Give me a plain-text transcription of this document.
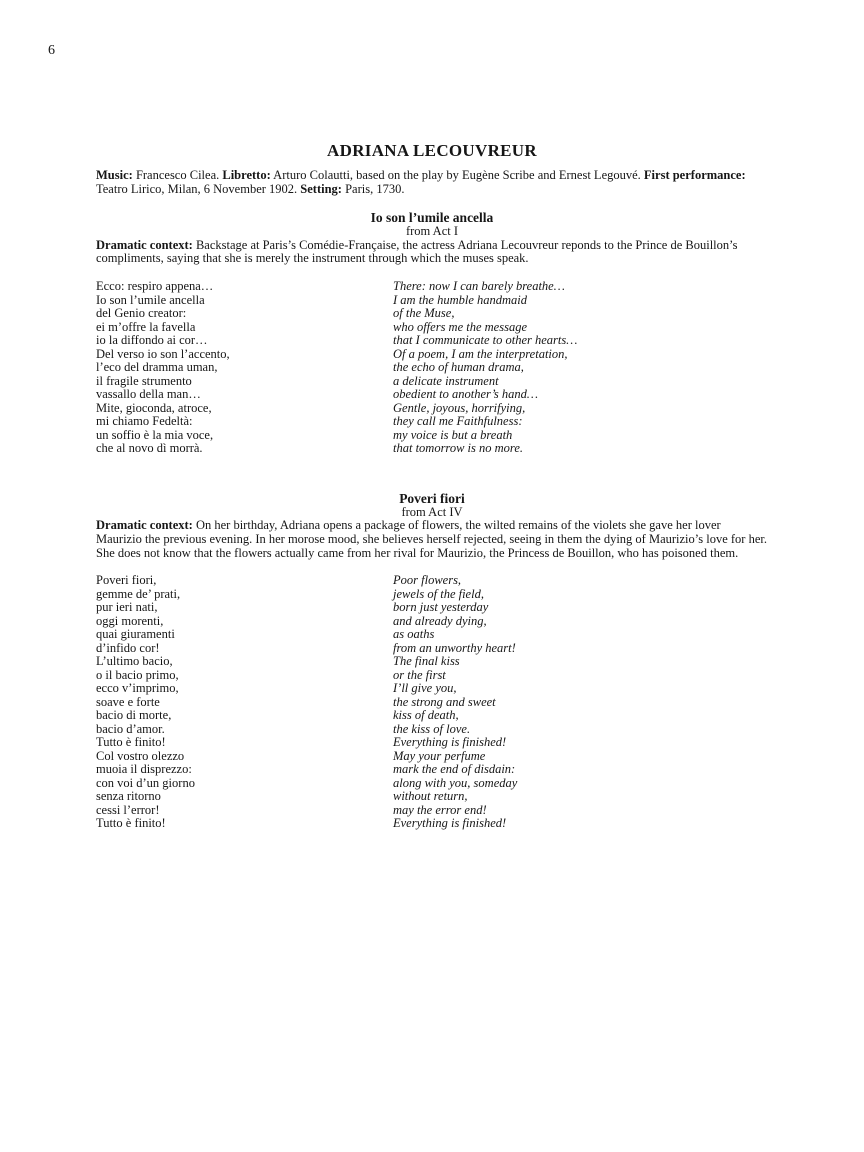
6
ADRIANA LECOUVREUR

Music: Francesco Cilea. Libretto: Arturo Colautti, based on the play by Eugène Scribe and Ernest Legouvé. First performance: Teatro Lirico, Milan, 6 November 1902. Setting: Paris, 1730.

Io son l’umile ancella
from Act I

Dramatic context: Backstage at Paris’s Comédie-Française, the actress Adriana Lecouvreur reponds to the Prince de Bouillon’s compliments, saying that she is merely the instrument through which the muses speak.

Ecco: respiro appena…
Io son l’umile ancella
del Genio creator:
ei m’offre la favella
io la diffondo ai cor…
Del verso io son l’accento,
l’eco del dramma uman,
il fragile strumento
vassallo della man…
Mite, gioconda, atroce,
mi chiamo Fedeltà:
un soffio è la mia voce,
che al novo dì morrà.
There: now I can barely breathe…
I am the humble handmaid
of the Muse,
who offers me the message
that I communicate to other hearts…
Of a poem, I am the interpretation,
the echo of human drama,
a delicate instrument
obedient to another’s hand…
Gentle, joyous, horrifying,
they call me Faithfulness:
my voice is but a breath
that tomorrow is no more.
Poveri fiori
from Act IV

Dramatic context: On her birthday, Adriana opens a package of flowers, the wilted remains of the violets she gave her lover Maurizio the previous evening. In her morose mood, she believes herself rejected, seeing in them the dying of Maurizio’s love for her. She does not know that the flowers actually came from her rival for Maurizio, the Princess de Bouillon, who has poisoned them.

Poveri fiori,
gemme de’ prati,
pur ieri nati,
oggi morenti,
quai giuramenti
d’infido cor!
L’ultimo bacio,
o il bacio primo,
ecco v’imprimo,
soave e forte
bacio di morte,
bacio d’amor.
Tutto è finito!
Col vostro olezzo
muoia il disprezzo:
con voi d’un giorno
senza ritorno
cessi l’error!
Tutto è finito!
Poor flowers,
jewels of the field,
born just yesterday
and already dying,
as oaths
from an unworthy heart!
The final kiss
or the first
I’ll give you,
the strong and sweet
kiss of death,
the kiss of love.
Everything is finished!
May your perfume
mark the end of disdain:
along with you, someday
without return,
may the error end!
Everything is finished!
